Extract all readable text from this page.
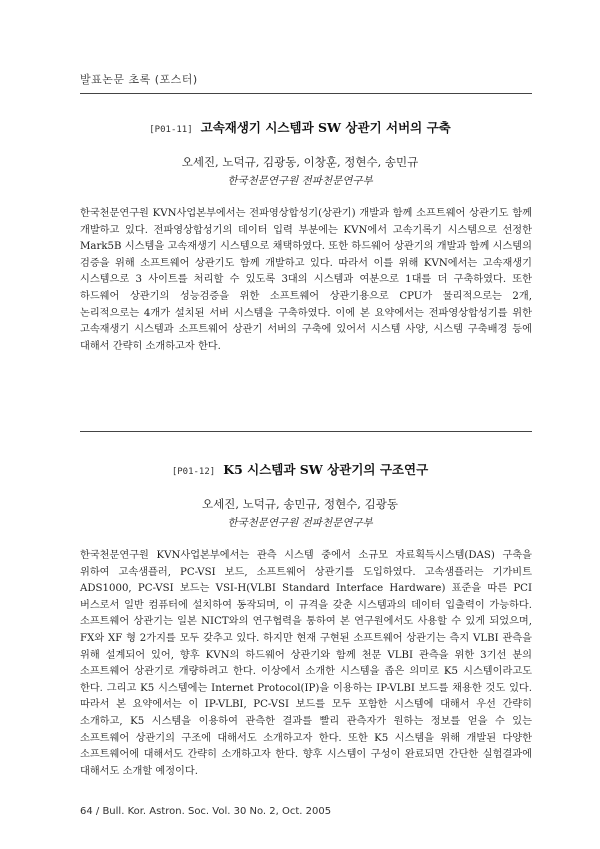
발표논문 초록 (포스터)
[P01-11] 고속재생기 시스템과 SW 상관기 서버의 구축
오세진, 노덕규, 김광동, 이창훈, 정현수, 송민규
한국천문연구원 전파천문연구부

한국천문연구원 KVN사업본부에서는 전파영상합성기(상관기) 개발과 함께 소프트웨어 상관기도 함께 개발하고 있다. 전파영상합성기의 데이터 입력 부분에는 KVN에서 고속기록기 시스템으로 선정한 Mark5B 시스템을 고속재생기 시스템으로 채택하였다. 또한 하드웨어 상관기의 개발과 함께 시스템의 검증을 위해 소프트웨어 상관기도 함께 개발하고 있다. 따라서 이를 위해 KVN에서는 고속재생기 시스템으로 3 사이트를 처리할 수 있도록 3대의 시스템과 여분으로 1대를 더 구축하였다. 또한 하드웨어 상관기의 성능검증을 위한 소프트웨어 상관기용으로 CPU가 물리적으로는 2개, 논리적으로는 4개가 설치된 서버 시스템을 구축하였다. 이에 본 요약에서는 전파영상합성기를 위한 고속재생기 시스템과 소프트웨어 상관기 서버의 구축에 있어서 시스템 사양, 시스템 구축배경 등에 대해서 간략히 소개하고자 한다.

[P01-12] K5 시스템과 SW 상관기의 구조연구
오세진, 노덕규, 송민규, 정현수, 김광동
한국천문연구원 전파천문연구부

한국천문연구원 KVN사업본부에서는 관측 시스템 중에서 소규모 자료획득시스템(DAS) 구축을 위하여 고속샘플러, PC-VSI 보드, 소프트웨어 상관기를 도입하였다. 고속샘플러는 기가비트 ADS1000, PC-VSI 보드는 VSI-H(VLBI Standard Interface Hardware) 표준을 따른 PCI 버스로서 일반 컴퓨터에 설치하여 동작되며, 이 규격을 갖춘 시스템과의 데이터 입출력이 가능하다. 소프트웨어 상관기는 일본 NICT와의 연구협력을 통하여 본 연구원에서도 사용할 수 있게 되었으며, FX와 XF 형 2가지를 모두 갖추고 있다. 하지만 현재 구현된 소프트웨어 상관기는 측지 VLBI 관측을 위해 설계되어 있어, 향후 KVN의 하드웨어 상관기와 함께 천문 VLBI 관측을 위한 3기선 분의 소프트웨어 상관기로 개량하려고 한다. 이상에서 소개한 시스템을 좁은 의미로 K5 시스템이라고도 한다. 그리고 K5 시스템에는 Internet Protocol(IP)을 이용하는 IP-VLBI 보드를 채용한 것도 있다. 따라서 본 요약에서는 이 IP-VLBI, PC-VSI 보드를 모두 포함한 시스템에 대해서 우선 간략히 소개하고, K5 시스템을 이용하여 관측한 결과를 빨리 관측자가 원하는 정보를 얻을 수 있는 소프트웨어 상관기의 구조에 대해서도 소개하고자 한다. 또한 K5 시스템을 위해 개발된 다양한 소프트웨어에 대해서도 간략히 소개하고자 한다. 향후 시스템이 구성이 완료되면 간단한 실험결과에 대해서도 소개할 예정이다.

64 / Bull. Kor. Astron. Soc. Vol. 30 No. 2, Oct. 2005
